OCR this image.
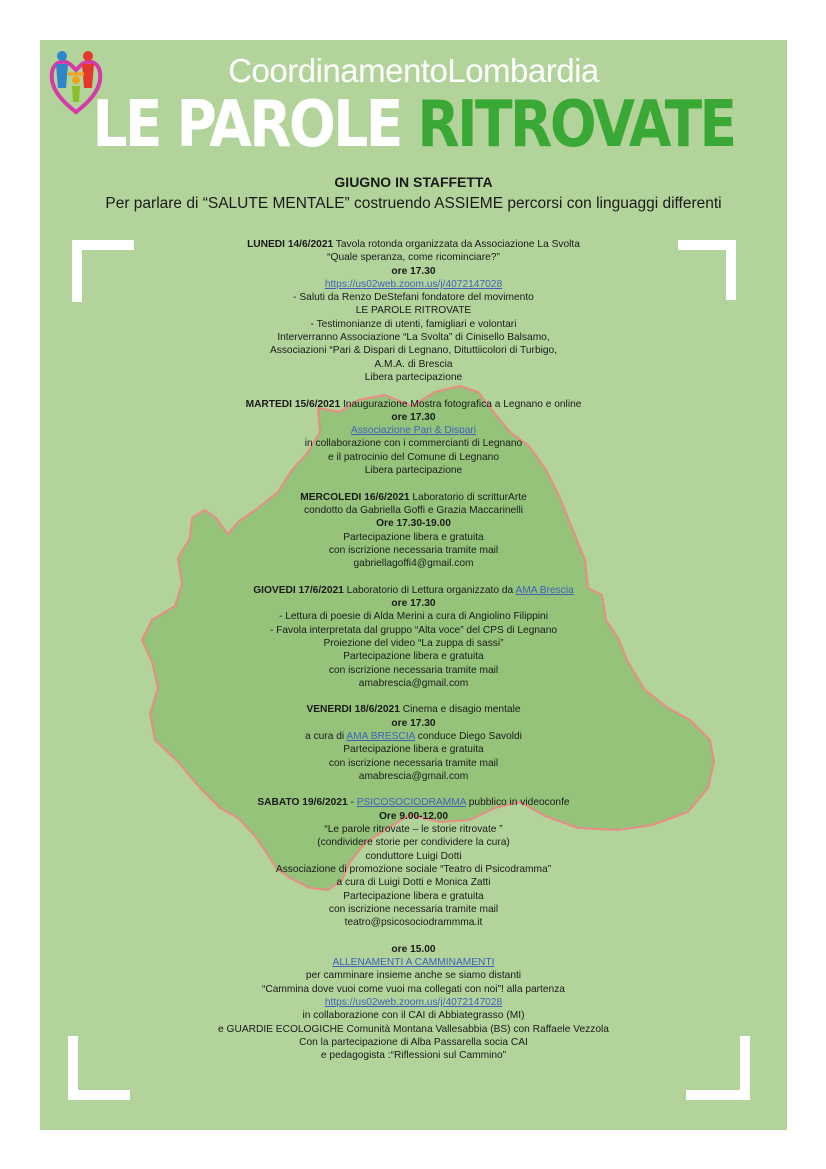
CoordinamentoLombardia
LE PAROLE RITROVATE
GIUGNO IN STAFFETTA
Per parlare di “SALUTE MENTALE” costruendo ASSIEME percorsi con linguaggi differenti
LUNEDI 14/6/2021 Tavola rotonda organizzata da Associazione La Svolta
“Quale speranza, come ricominciare?”
ore 17.30
https://us02web.zoom.us/j/4072147028
- Saluti da Renzo DeStefani fondatore del movimento
LE PAROLE RITROVATE
- Testimonianze di utenti, famigliari e volontari
Interverranno Associazione “La Svolta” di Cinisello Balsamo,
Associazioni “Pari & Dispari di Legnano, Dituttiicolori di Turbigo,
A.M.A. di Brescia
Libera partecipazione
MARTEDI 15/6/2021 Inaugurazione Mostra fotografica a Legnano e online
ore 17.30
Associazione Pari & Dispari
in collaborazione con i commercianti di Legnano
e il patrocinio del Comune di Legnano
Libera partecipazione
MERCOLEDI 16/6/2021 Laboratorio di scritturArte
condotto da Gabriella Goffi e Grazia Maccarinelli
Ore 17.30-19.00
Partecipazione libera e gratuita
con iscrizione necessaria tramite mail
gabriellagoffi4@gmail.com
GIOVEDI 17/6/2021 Laboratorio di Lettura organizzato da AMA Brescia
ore 17.30
- Lettura di poesie di Alda Merini a cura di Angiolino Filippini
- Favola interpretata dal gruppo “Alta voce” del CPS di Legnano
Proiezione del video “La zuppa di sassi”
Partecipazione libera e gratuita
con iscrizione necessaria tramite mail
amabrescia@gmail.com
VENERDI 18/6/2021 Cinema e disagio mentale
ore 17.30
a cura di AMA BRESCIA conduce Diego Savoldi
Partecipazione libera e gratuita
con iscrizione necessaria tramite mail
amabrescia@gmail.com
SABATO 19/6/2021 - PSICOSOCIODRAMMA pubblico in videoconfe
Ore 9.00-12.00
“Le parole ritrovate – le storie ritrovate ”
(condividere storie per condividere la cura)
conduttore Luigi Dotti
Associazione di promozione sociale “Teatro di Psicodramma”
a cura di Luigi Dotti e Monica Zatti
Partecipazione libera e gratuita
con iscrizione necessaria tramite mail
teatro@psicosociodrammma.it
ore 15.00
ALLENAMENTI A CAMMINAMENTI
per camminare insieme anche se siamo distanti
“Cammina dove vuoi come vuoi ma collegati con noi”! alla partenza
https://us02web.zoom.us/j/4072147028
in collaborazione con il CAI di Abbiategrasso (MI)
e GUARDIE ECOLOGICHE Comunità Montana Vallesabbia (BS) con Raffaele Vezzola
Con la partecipazione di Alba Passarella socia CAI
e pedagogista :“Riflessioni sul Cammino”
